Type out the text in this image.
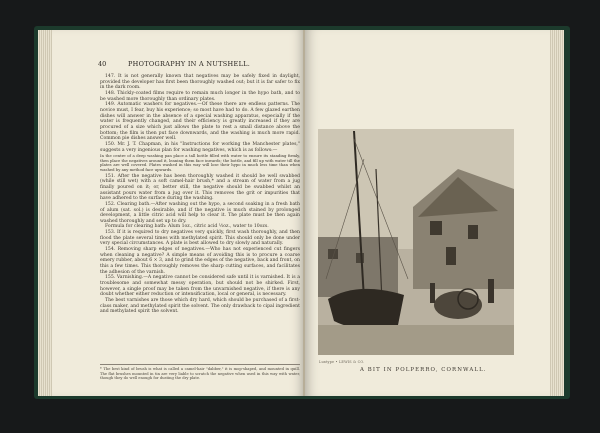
40	PHOTOGRAPHY IN A NUTSHELL.

147. It is not generally known that negatives may be safely fixed in daylight, provided the developer has first been thoroughly washed out; but it is far safer to fix in the dark room.

148. Thickly-coated films require to remain much longer in the hypo bath, and to be washed more thoroughly than ordinary plates.

149. Automatic washers for negatives.—Of these there are endless patterns. The novice must, I fear, buy his experience; so most have had to do. A few glazed earthen dishes will answer in the absence of a special washing apparatus, especially if the water is frequently changed, and their efficiency is greatly increased if they are procured of a size which just allows the plate to rest a small distance above the bottom; the film is then put face downwards, and the washing is much more rapid. Common pie dishes answer well.

150. Mr. J. T. Chapman, in his "Instructions for working the Manchester plates," suggests a very ingenious plan for washing negatives, which is as follows:—

In the centre of a deep washing pan place a tall bottle filled with water to ensure its standing firmly, then place the negatives around it, leaning them face inwards; the bottle, and fill up with water till the plates are well covered. Plates washed in this way will lose their hypo in much less time than when washed by any method face upwards.

151. After the negative has been thoroughly washed it should be well swabbed (while still wet) with a soft camel-hair brush,* and a stream of water from a jug finally poured on it; or, better still, the negative should be swabbed whilst an assistant pours water from a jug over it. This removes the grit or impurities that have adhered to the surface during the washing.

152. Clearing bath.—After washing out the hypo, a second soaking in a fresh bath of alum (sat. sol.) is desirable, and if the negative is much stained by prolonged development, a little citric acid will help to clear it. The plate must be then again washed thoroughly and set up to dry.

Formula for clearing bath: Alum 1oz., citric acid ½oz., water to 10ozs.

153. If it is required to dry negatives very quickly, first wash thoroughly, and then flood the plate several times with methylated spirit. This should only be done under very special circumstances. A plate is best allowed to dry slowly and naturally.

154. Removing sharp edges of negatives.—Who has not experienced cut fingers when cleaning a negative? A simple means of avoiding this is to procure a coarse emery rubber, about 6 × 3, and to grind the edges of the negative, back and front, on this a few times. This thoroughly removes the sharp cutting surfaces, and facilitates the adhesion of the varnish.

155. Varnishing.—A negative cannot be considered safe until it is varnished. It is a troublesome and somewhat messy operation, but should not be shirked. First, however, a single proof may be taken from the unvarnished negative, if there is any doubt whether either reduction or intensification, local or general, is necessary.

The best varnishes are those which dry hard, which should be purchased of a first-class maker, and methylated spirit the solvent. The only drawback to cipal ingredient and methylated spirit the solvent.

* The best kind of brush is what is called a camel-hair "dabber," it is mop-shaped, and mounted in quill. The flat brushes mounted in tin are very liable to scratch the negative when used in this way with water, though they do well enough for dusting the dry plate.
Luxtype • LEWIS & CO.
A BIT IN POLPERRO, CORNWALL.
